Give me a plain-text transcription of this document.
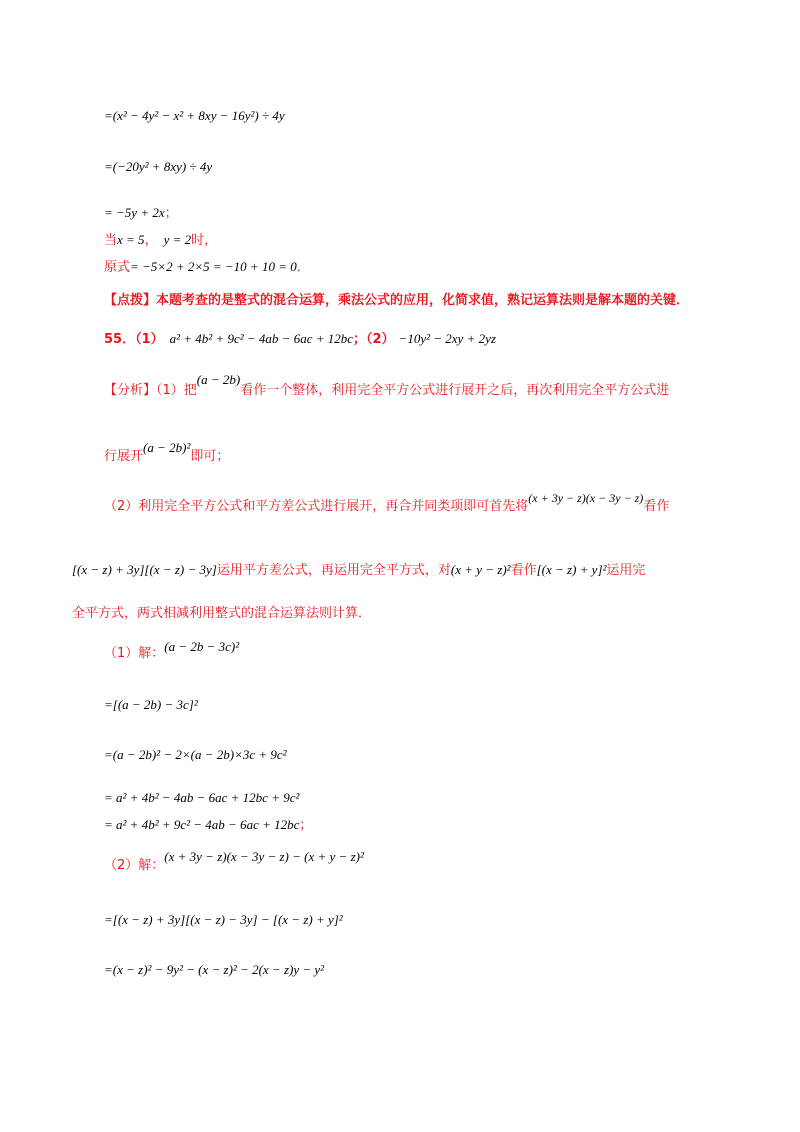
=(x² − 4y² − x² + 8xy − 16y²) ÷ 4y
=(−20y² + 8xy) ÷ 4y
= −5y + 2x；
当x = 5， y = 2时，
原式= −5×2 + 2×5 = −10 + 10 = 0．
【点拨】本题考查的是整式的混合运算，乘法公式的应用，化简求值，熟记运算法则是解本题的关键．
55．（1） a² + 4b² + 9c² − 4ab − 6ac + 12bc；（2） −10y² − 2xy + 2yz
【分析】（1）把(a − 2b)看作一个整体，利用完全平方公式进行展开之后，再次利用完全平方公式进
行展开(a − 2b)²即可；
（2）利用完全平方公式和平方差公式进行展开，再合并同类项即可首先将(x + 3y − z)(x − 3y − z)看作
[(x − z) + 3y][(x − z) − 3y]运用平方差公式，再运用完全平方式，对(x + y − z)²看作[(x − z) + y]²运用完
全平方式，两式相减利用整式的混合运算法则计算．
（1）解：(a − 2b − 3c)²
=[(a − 2b) − 3c]²
=(a − 2b)² − 2×(a − 2b)×3c + 9c²
= a² + 4b² − 4ab − 6ac + 12bc + 9c²
= a² + 4b² + 9c² − 4ab − 6ac + 12bc；
（2）解：(x + 3y − z)(x − 3y − z) − (x + y − z)²
=[(x − z) + 3y][(x − z) − 3y] − [(x − z) + y]²
=(x − z)² − 9y² − (x − z)² − 2(x − z)y − y²
